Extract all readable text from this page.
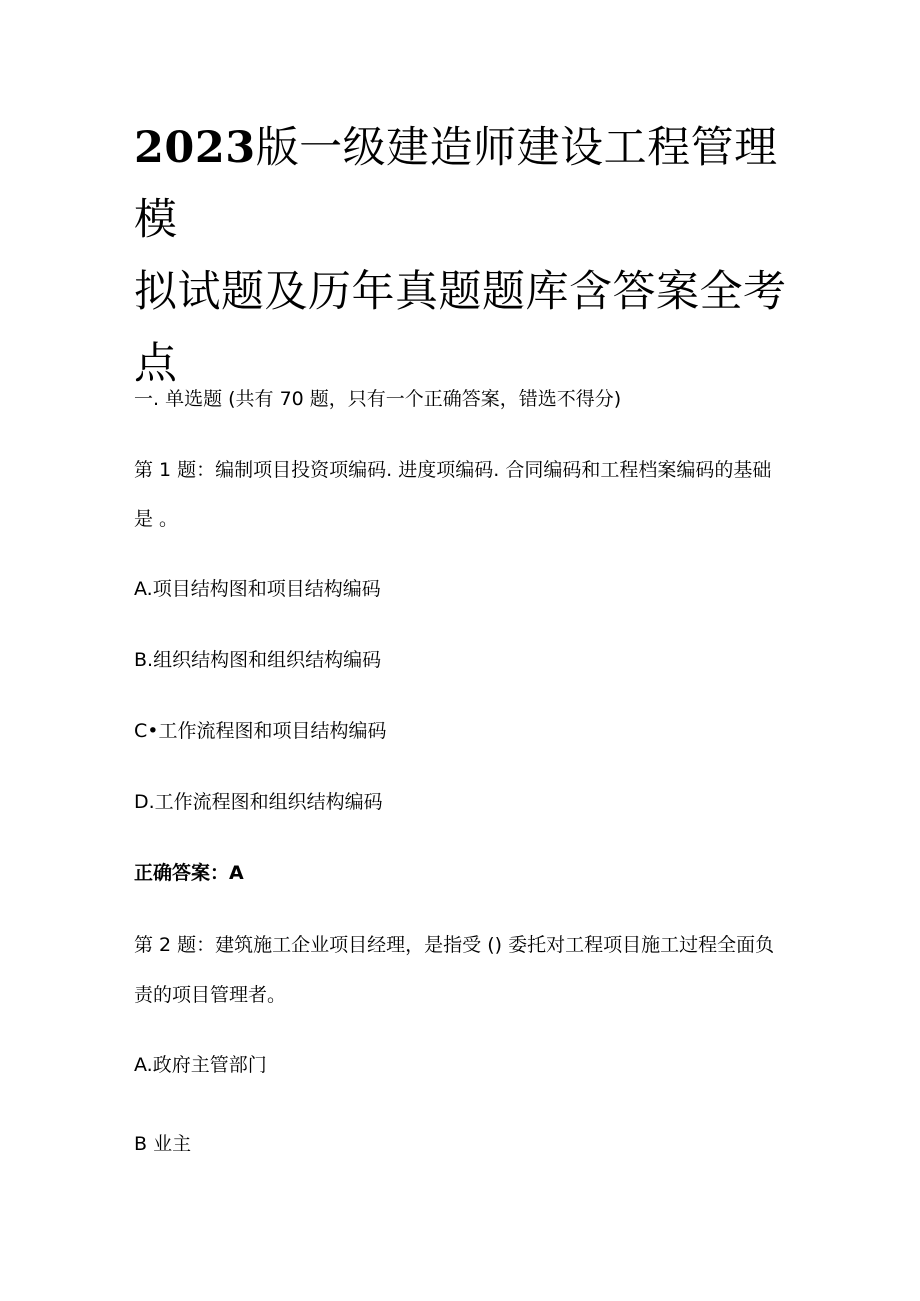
2023版一级建造师建设工程管理模
拟试题及历年真题题库含答案全考
点

一. 单选题 (共有 70 题，只有一个正确答案，错选不得分)

第 1 题：编制项目投资项编码. 进度项编码. 合同编码和工程档案编码的基础

是 。

A.项目结构图和项目结构编码

B.组织结构图和组织结构编码

C•工作流程图和项目结构编码

D.工作流程图和组织结构编码

正确答案：A

第 2 题：建筑施工企业项目经理，是指受 () 委托对工程项目施工过程全面负

责的项目管理者。

A.政府主管部门

B 业主
